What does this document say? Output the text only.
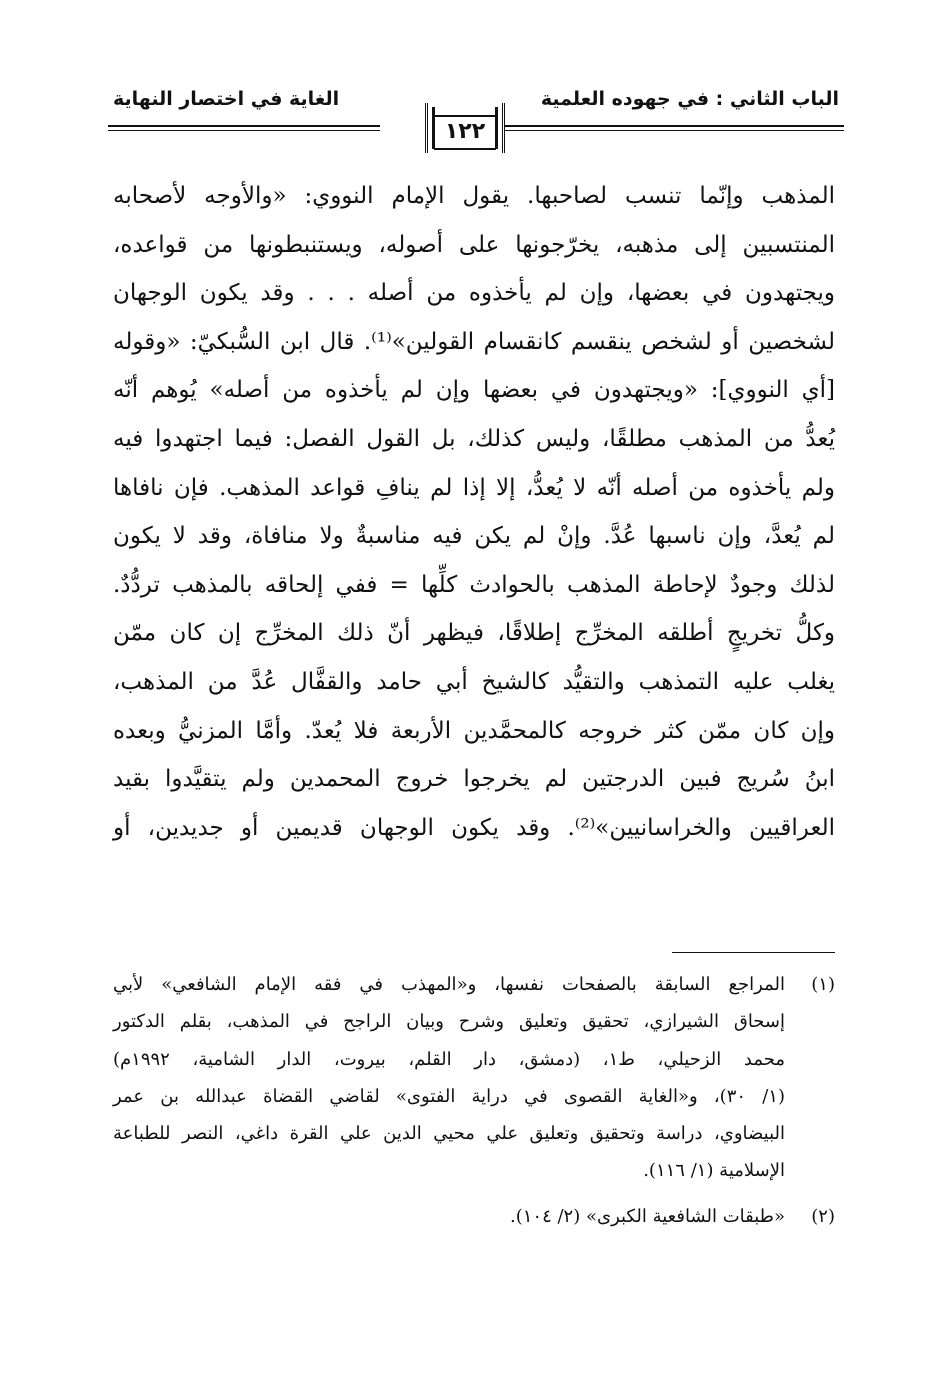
الباب الثاني : في جهوده العلمية
الغاية في اختصار النهاية
١٢٢
المذهب وإنّما تنسب لصاحبها. يقول الإمام النووي: «والأوجه لأصحابه
المنتسبين إلى مذهبه، يخرّجونها على أصوله، ويستنبطونها من قواعده،
ويجتهدون في بعضها، وإن لم يأخذوه من أصله . . . وقد يكون الوجهان
لشخصين أو لشخص ينقسم كانقسام القولين»⁽¹⁾. قال ابن السُّبكيّ: «وقوله
[أي النووي]: «ويجتهدون في بعضها وإن لم يأخذوه من أصله» يُوهم أنّه
يُعدُّ من المذهب مطلقًا، وليس كذلك، بل القول الفصل: فيما اجتهدوا فيه
ولم يأخذوه من أصله أنّه لا يُعدُّ، إلا إذا لم ينافِ قواعد المذهب. فإن نافاها
لم يُعدَّ، وإن ناسبها عُدَّ. وإنْ لم يكن فيه مناسبةٌ ولا منافاة، وقد لا يكون
لذلك وجودٌ لإحاطة المذهب بالحوادث كلِّها = ففي إلحاقه بالمذهب تردُّدٌ.
وكلُّ تخريجٍ أطلقه المخرِّج إطلاقًا، فيظهر أنّ ذلك المخرِّج إن كان ممّن
يغلب عليه التمذهب والتقيُّد كالشيخ أبي حامد والقفَّال عُدَّ من المذهب،
وإن كان ممّن كثر خروجه كالمحمَّدين الأربعة فلا يُعدّ. وأمَّا المزنيُّ وبعده
ابنُ سُريج فبين الدرجتين لم يخرجوا خروج المحمدين ولم يتقيَّدوا بقيد
العراقيين والخراسانيين»⁽²⁾. وقد يكون الوجهان قديمين أو جديدين، أو
(١)
المراجع السابقة بالصفحات نفسها، و«المهذب في فقه الإمام الشافعي» لأبي
إسحاق الشيرازي، تحقيق وتعليق وشرح وبيان الراجح في المذهب، بقلم الدكتور
محمد الزحيلي، ط١، (دمشق، دار القلم، بيروت، الدار الشامية، ١٩٩٢م)
(١/ ٣٠)، و«الغاية القصوى في دراية الفتوى» لقاضي القضاة عبدالله بن عمر
البيضاوي، دراسة وتحقيق وتعليق علي محيي الدين علي القرة داغي، النصر للطباعة
الإسلامية (١/ ١١٦).
(٢)
«طبقات الشافعية الكبرى» (٢/ ١٠٤).
